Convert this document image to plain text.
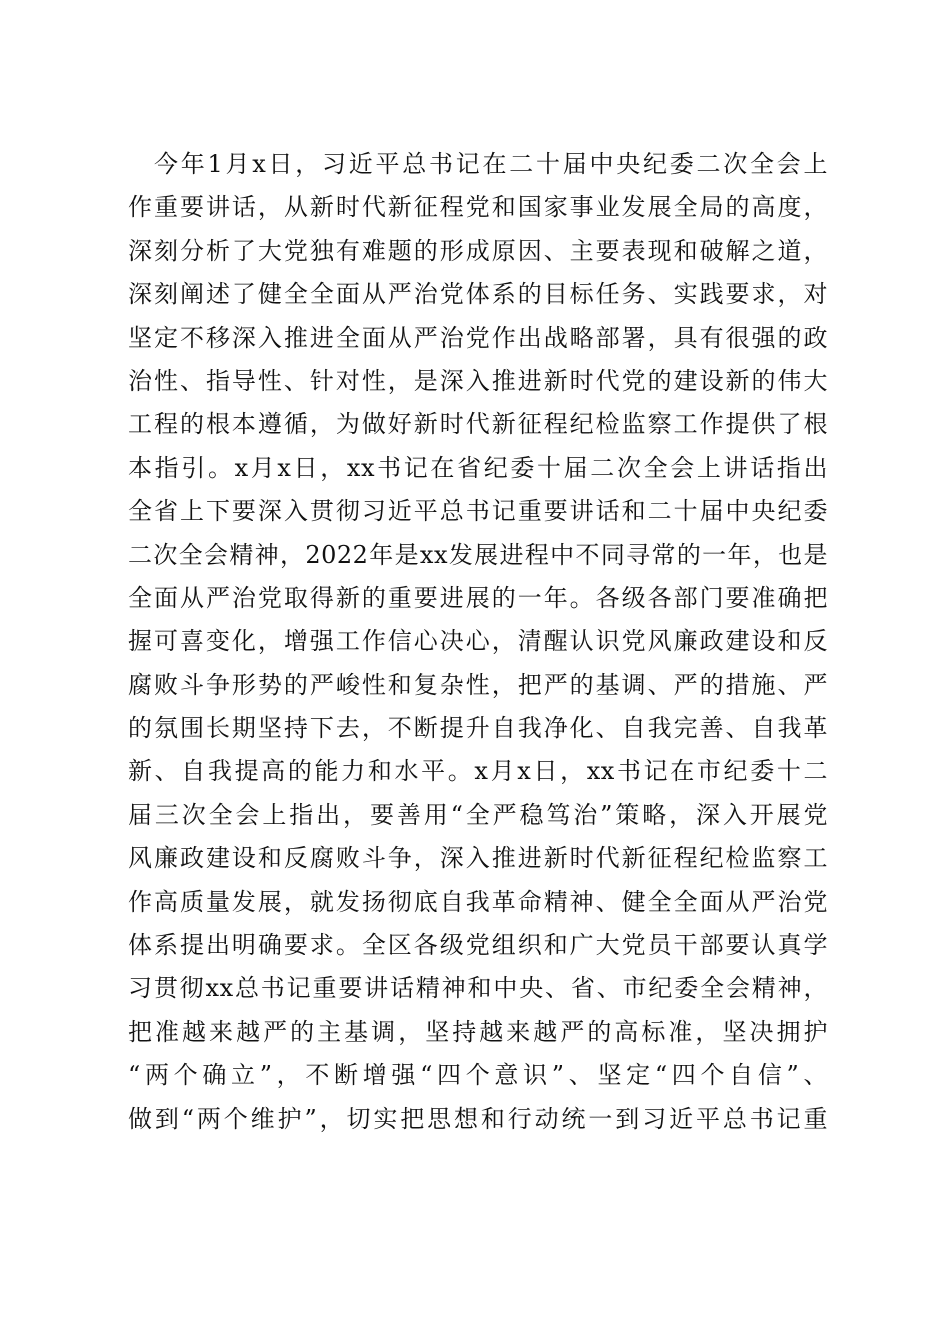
今年1月x日，习近平总书记在二十届中央纪委二次全会上
作重要讲话，从新时代新征程党和国家事业发展全局的高度，
深刻分析了大党独有难题的形成原因、主要表现和破解之道，
深刻阐述了健全全面从严治党体系的目标任务、实践要求，对
坚定不移深入推进全面从严治党作出战略部署，具有很强的政
治性、指导性、针对性，是深入推进新时代党的建设新的伟大
工程的根本遵循，为做好新时代新征程纪检监察工作提供了根
本指引。x月x日，xx书记在省纪委十届二次全会上讲话指出
全省上下要深入贯彻习近平总书记重要讲话和二十届中央纪委
二次全会精神，2022年是xx发展进程中不同寻常的一年，也是
全面从严治党取得新的重要进展的一年。各级各部门要准确把
握可喜变化，增强工作信心决心，清醒认识党风廉政建设和反
腐败斗争形势的严峻性和复杂性，把严的基调、严的措施、严
的氛围长期坚持下去，不断提升自我净化、自我完善、自我革
新、自我提高的能力和水平。x月x日，xx书记在市纪委十二
届三次全会上指出，要善用“全严稳笃治”策略，深入开展党
风廉政建设和反腐败斗争，深入推进新时代新征程纪检监察工
作高质量发展，就发扬彻底自我革命精神、健全全面从严治党
体系提出明确要求。全区各级党组织和广大党员干部要认真学
习贯彻xx总书记重要讲话精神和中央、省、市纪委全会精神，
把准越来越严的主基调，坚持越来越严的高标准，坚决拥护
“两个确立”，不断增强“四个意识”、坚定“四个自信”、
做到“两个维护”，切实把思想和行动统一到习近平总书记重
